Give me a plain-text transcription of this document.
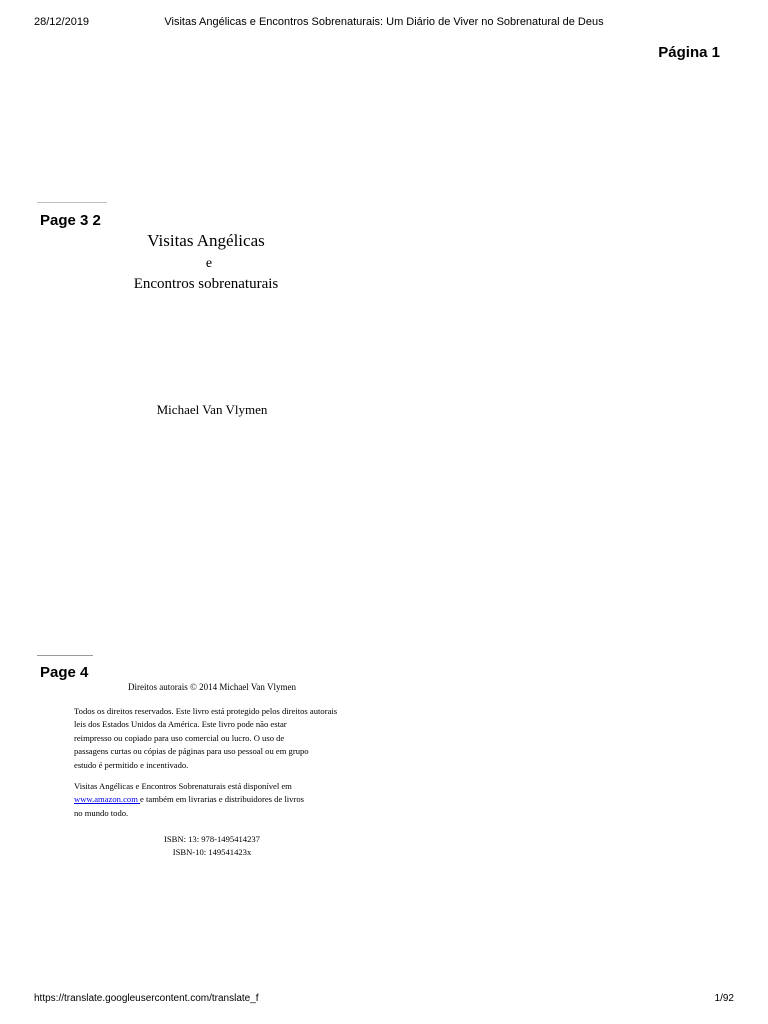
28/12/2019	Visitas Angélicas e Encontros Sobrenaturais: Um Diário de Viver no Sobrenatural de Deus
Página 1
Page 3 2
Visitas Angélicas
e
Encontros sobrenaturais
Michael Van Vlymen
Page 4
Direitos autorais © 2014 Michael Van Vlymen
Todos os direitos reservados. Este livro está protegido pelos direitos autorais
leis dos Estados Unidos da América. Este livro pode não estar
reimpresso ou copiado para uso comercial ou lucro. O uso de
passagens curtas ou cópias de páginas para uso pessoal ou em grupo
estudo é permitido e incentivado.
Visitas Angélicas e Encontros Sobrenaturais está disponível em
www.amazon.com e também em livrarias e distribuidores de livros
no mundo todo.
ISBN: 13: 978-1495414237
ISBN-10: 149541423x
https://translate.googleusercontent.com/translate_f	1/92
